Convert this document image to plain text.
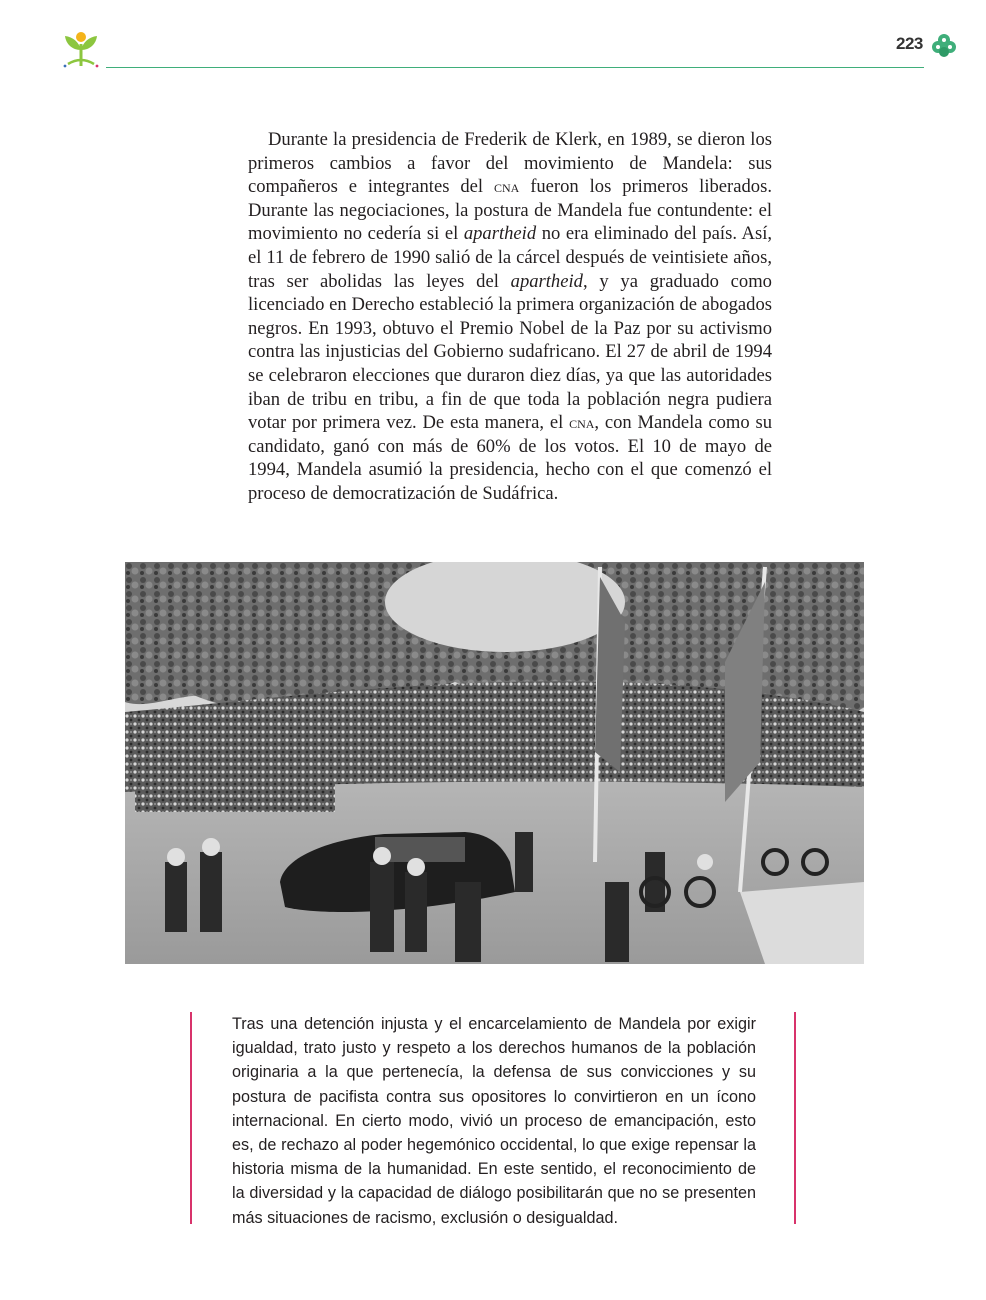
223

Durante la presidencia de Frederik de Klerk, en 1989, se dieron los primeros cambios a favor del movimiento de Mandela: sus compañeros e integrantes del cna fueron los primeros liberados. Durante las negociaciones, la postura de Mandela fue contundente: el movimiento no cedería si el apartheid no era eliminado del país. Así, el 11 de febrero de 1990 salió de la cárcel después de veintisiete años, tras ser abolidas las leyes del apartheid, y ya graduado como licenciado en Derecho estableció la primera organización de abogados negros. En 1993, obtuvo el Premio Nobel de la Paz por su activismo contra las injusticias del Gobierno sudafricano. El 27 de abril de 1994 se celebraron elecciones que duraron diez días, ya que las autoridades iban de tribu en tribu, a fin de que toda la población negra pudiera votar por primera vez. De esta manera, el cna, con Mandela como su candidato, ganó con más de 60% de los votos. El 10 de mayo de 1994, Mandela asumió la presidencia, hecho con el que comenzó el proceso de democratización de Sudáfrica.

Tras una detención injusta y el encarcelamiento de Mandela por exigir igualdad, trato justo y respeto a los derechos humanos de la población originaria a la que pertenecía, la defensa de sus convicciones y su postura de pacifista contra sus opositores lo convirtieron en un ícono internacional. En cierto modo, vivió un proceso de emancipación, esto es, de rechazo al poder hegemónico occidental, lo que exige repensar la historia misma de la humanidad. En este sentido, el reconocimiento de la diversidad y la capacidad de diálogo posibilitarán que no se presenten más situaciones de racismo, exclusión o desigualdad.
